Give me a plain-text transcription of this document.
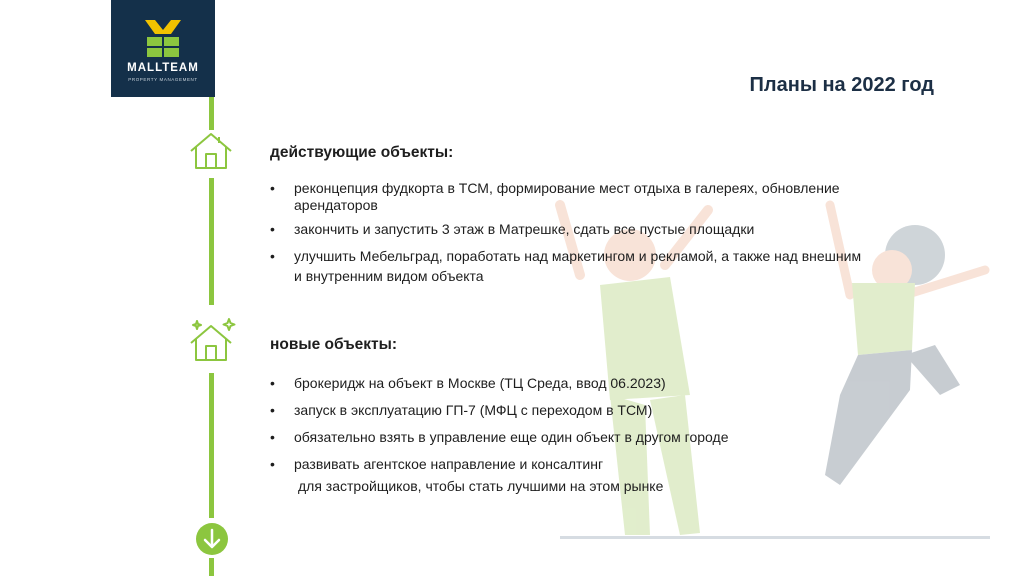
MALLTEAM
PROPERTY MANAGEMENT	Планы на 2022 год
действующие объекты:
• реконцепция фудкорта в ТСМ, формирование мест отдыха в галереях, обновление
арендаторов
• закончить и запустить 3 этаж в Матрешке, сдать все пустые площадки
• улучшить Мебельград, поработать над маркетингом и рекламой, а также над внешним
и внутренним видом объекта
новые объекты:
• брокеридж на объект в Москве (ТЦ Среда, ввод 06.2023)
• запуск в эксплуатацию ГП-7 (МФЦ с переходом в ТСМ)
• обязательно взять в управление еще один объект в другом городе
• развивать агентское направление и консалтинг
для застройщиков, чтобы стать лучшими на этом рынке
